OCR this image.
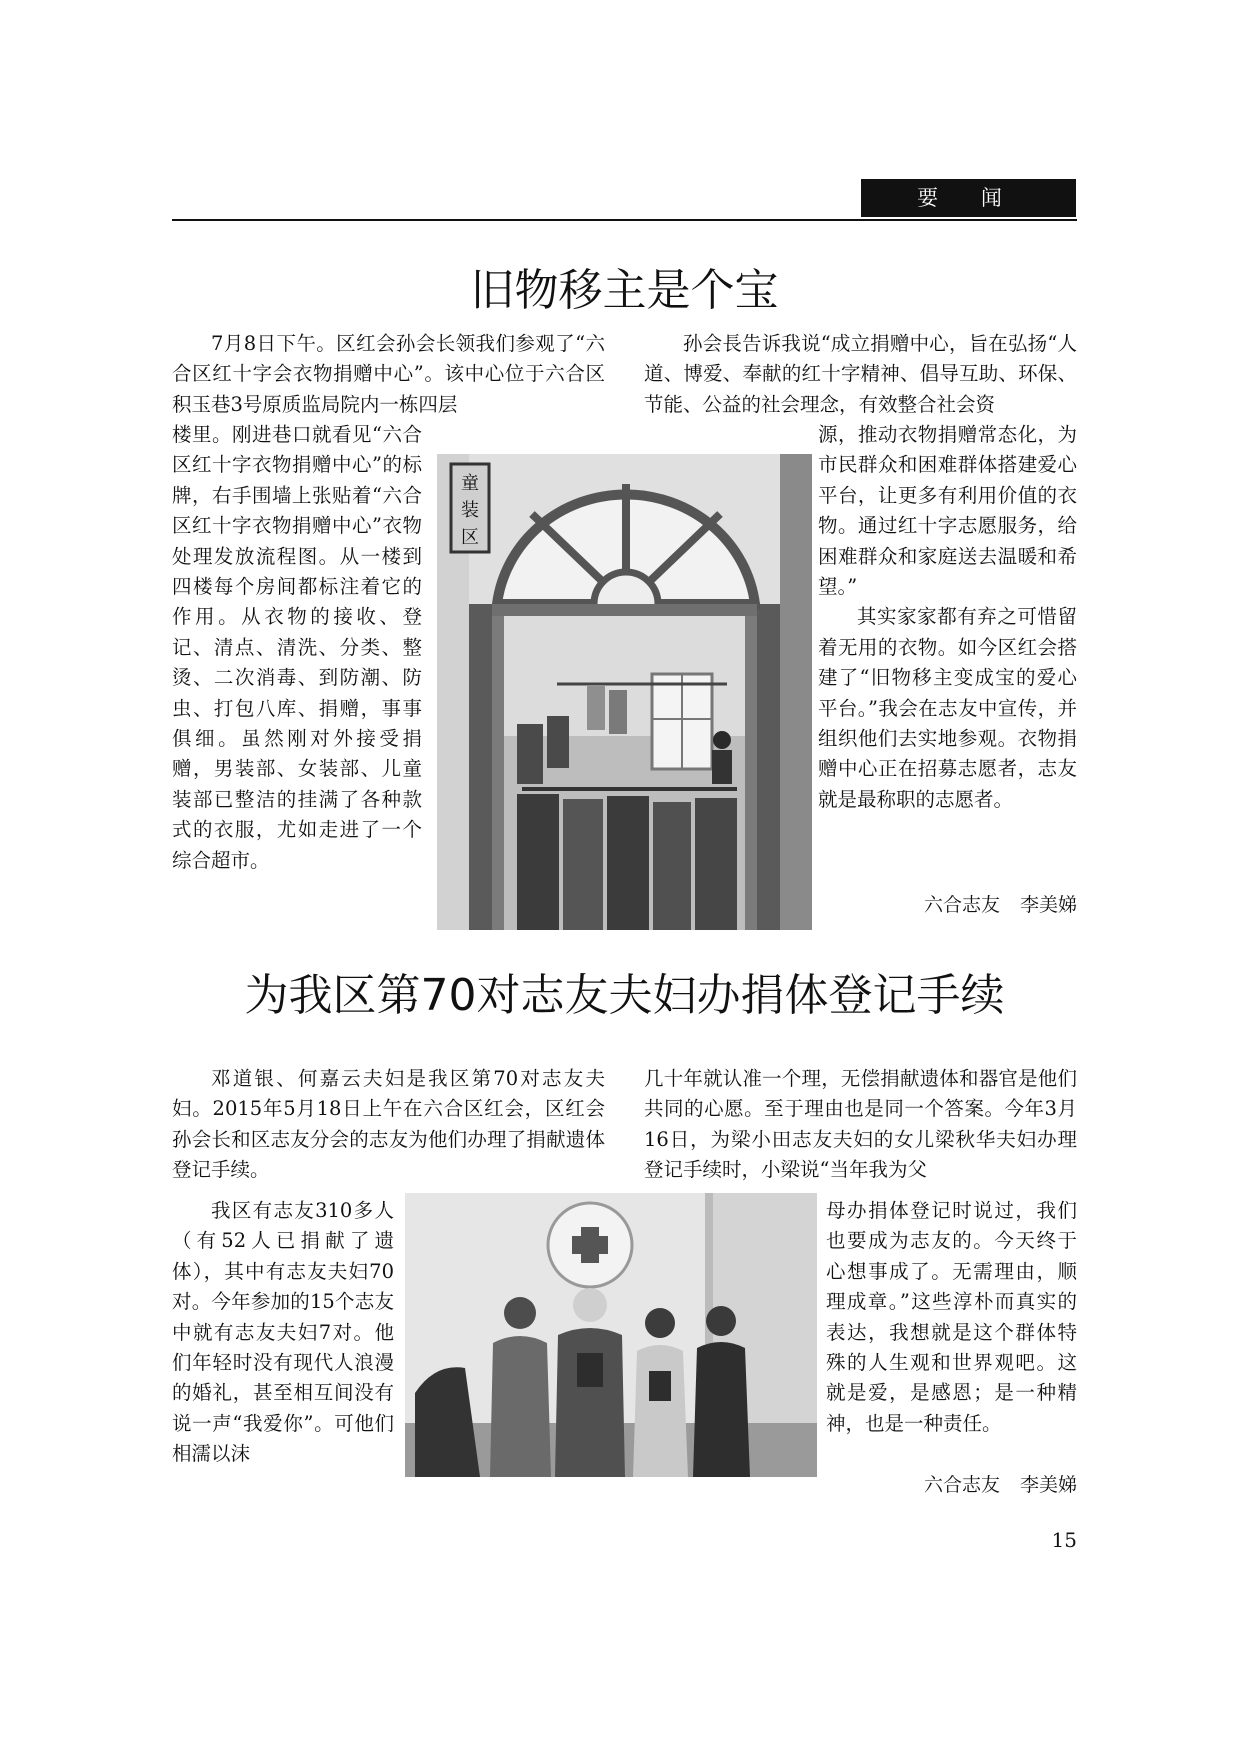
要 闻
旧物移主是个宝

7月8日下午。区红会孙会长领我们参观了“六合区红十字会衣物捐赠中心”。该中心位于六合区积玉巷3号原质监局院内一栋四层

楼里。刚进巷口就看见“六合区红十字衣物捐赠中心”的标牌，右手围墙上张贴着“六合区红十字衣物捐赠中心”衣物处理发放流程图。从一楼到四楼每个房间都标注着它的作用。从衣物的接收、登记、清点、清洗、分类、整烫、二次消毒、到防潮、防虫、打包八库、捐赠，事事俱细。虽然刚对外接受捐赠，男装部、女装部、儿童装部已整洁的挂满了各种款式的衣服，尤如走进了一个综合超市。

孙会長告诉我说“成立捐赠中心，旨在弘扬“人道、博爱、奉献的红十字精神、倡导互助、环保、节能、公益的社会理念，有效整合社会资

源，推动衣物捐赠常态化，为市民群众和困难群体搭建爱心平台，让更多有利用价值的衣物。通过红十字志愿服务，给困难群众和家庭送去温暖和希望。”

其实家家都有弃之可惜留着无用的衣物。如今区红会搭建了“旧物移主变成宝的爱心平台。”我会在志友中宣传，并组织他们去实地参观。衣物捐赠中心正在招募志愿者，志友就是最称职的志愿者。

六合志友 李美娣
童
装
区
为我区第70对志友夫妇办捐体登记手续

邓道银、何嘉云夫妇是我区第70对志友夫妇。2015年5月18日上午在六合区红会，区红会孙会长和区志友分会的志友为他们办理了捐献遗体登记手续。

我区有志友310多人（有52人已捐献了遗体），其中有志友夫妇70对。今年参加的15个志友中就有志友夫妇7对。他们年轻时没有现代人浪漫的婚礼，甚至相互间没有说一声“我爱你”。可他们相濡以沫

几十年就认准一个理，无偿捐献遗体和器官是他们共同的心愿。至于理由也是同一个答案。今年3月16日，为梁小田志友夫妇的女儿梁秋华夫妇办理登记手续时，小梁说“当年我为父

母办捐体登记时说过，我们也要成为志友的。今天终于心想事成了。无需理由，顺理成章。”这些淳朴而真实的表达，我想就是这个群体特殊的人生观和世界观吧。这就是爱，是感恩；是一种精神，也是一种责任。

六合志友 李美娣
15
